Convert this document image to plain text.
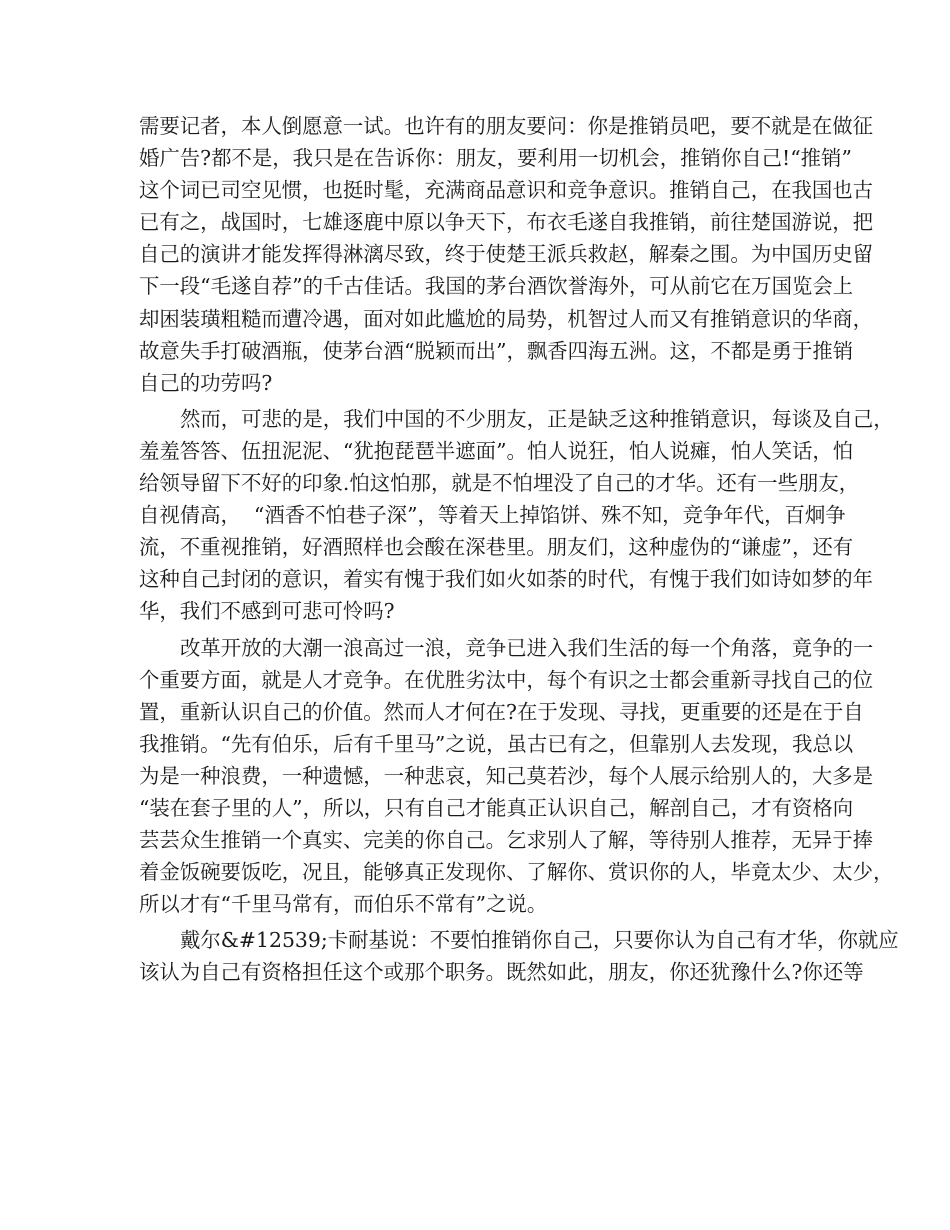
需要记者，本人倒愿意一试。也许有的朋友要问：你是推销员吧，要不就是在做征
婚广告?都不是，我只是在告诉你：朋友，要利用一切机会，推销你自己!“推销”
这个词已司空见惯，也挺时髦，充满商品意识和竞争意识。推销自己，在我国也古
已有之，战国时，七雄逐鹿中原以争天下，布衣毛遂自我推销，前往楚国游说，把
自己的演讲才能发挥得淋漓尽致，终于使楚王派兵救赵，解秦之围。为中国历史留
下一段“毛遂自荐”的千古佳话。我国的茅台酒饮誉海外，可从前它在万国览会上
却困装璜粗糙而遭冷遇，面对如此尴尬的局势，机智过人而又有推销意识的华商，
故意失手打破酒瓶，使茅台酒“脱颖而出”，飘香四海五洲。这，不都是勇于推销
自己的功劳吗?
然而，可悲的是，我们中国的不少朋友，正是缺乏这种推销意识，每谈及自己，
羞羞答答、伍扭泥泥、“犹抱琵琶半遮面”。怕人说狂，怕人说瘫，怕人笑话，怕
给领导留下不好的印象.怕这怕那，就是不怕埋没了自己的才华。还有一些朋友，
自视倩高，  “酒香不怕巷子深”，等着天上掉馅饼、殊不知，竞争年代，百炯争
流，不重视推销，好酒照样也会酸在深巷里。朋友们，这种虚伪的“谦虚”，还有
这种自己封闭的意识，着实有愧于我们如火如荼的时代，有愧于我们如诗如梦的年
华，我们不感到可悲可怜吗?
改革开放的大潮一浪高过一浪，竞争已进入我们生活的每一个角落，竟争的一
个重要方面，就是人才竞争。在优胜劣汰中，每个有识之士都会重新寻找自己的位
置，重新认识自己的价值。然而人才何在?在于发现、寻找，更重要的还是在于自
我推销。“先有伯乐，后有千里马”之说，虽古已有之，但靠别人去发现，我总以
为是一种浪费，一种遗憾，一种悲哀，知己莫若沙，每个人展示给别人的，大多是
“装在套子里的人”，所以，只有自己才能真正认识自己，解剖自己，才有资格向
芸芸众生推销一个真实、完美的你自己。乞求别人了解，等待别人推荐，无异于捧
着金饭碗要饭吃，况且，能够真正发现你、了解你、赏识你的人，毕竟太少、太少，
所以才有“千里马常有，而伯乐不常有”之说。
戴尔&#12539;卡耐基说：不要怕推销你自己，只要你认为自己有才华，你就应
该认为自己有资格担任这个或那个职务。既然如此，朋友，你还犹豫什么?你还等
